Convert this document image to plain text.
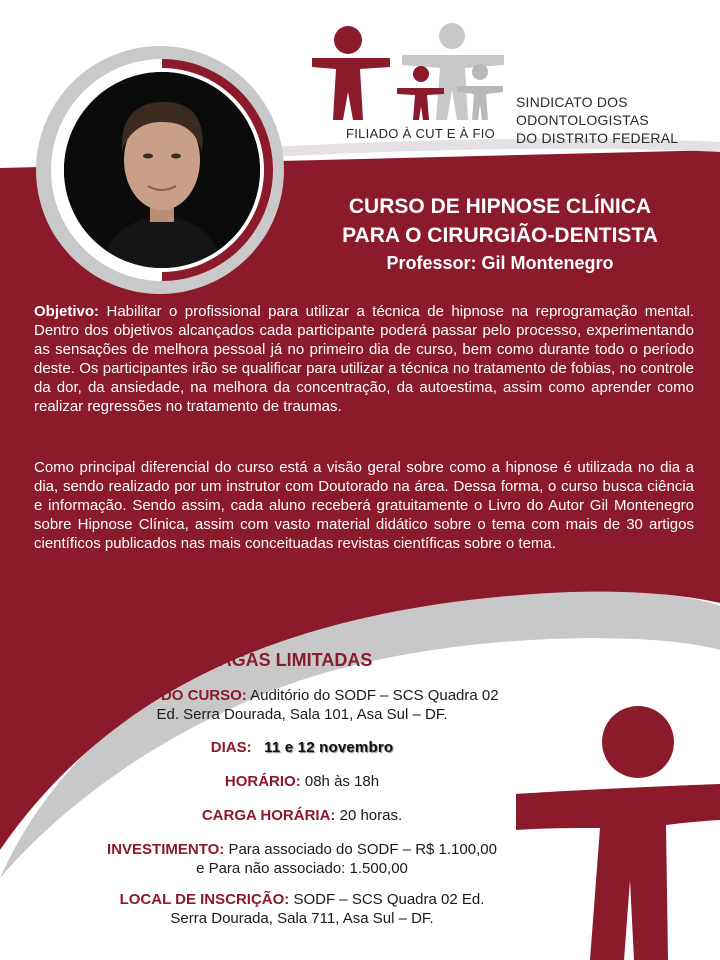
FILIADO À CUT E À FIO
SINDICATO DOS
ODONTOLOGISTAS
DO DISTRITO FEDERAL
CURSO DE HIPNOSE CLÍNICA
PARA O CIRURGIÃO-DENTISTA
Professor: Gil Montenegro

Objetivo: Habilitar o profissional para utilizar a técnica de hipnose na reprogramação mental. Dentro dos objetivos alcançados cada participante poderá passar pelo processo, experimentando as sensações de melhora pessoal já no primeiro dia de curso, bem como durante todo o período deste. Os participantes irão se qualificar para utilizar a técnica no tratamento de fobias, no controle da dor, da ansiedade, na melhora da concentração, da autoestima, assim como aprender como realizar regressões no tratamento de traumas.

Como principal diferencial do curso está a visão geral sobre como a hipnose é utilizada no dia a dia, sendo realizado por um instrutor com Doutorado na área. Dessa forma, o curso busca ciência e informação. Sendo assim, cada aluno receberá gratuitamente o Livro do Autor Gil Montenegro sobre Hipnose Clínica, assim com vasto material didático sobre o tema com mais de 30 artigos científicos publicados nas mais conceituadas revistas científicas sobre o tema.

VAGAS LIMITADAS

LOCAL DO CURSO: Auditório do SODF – SCS Quadra 02
Ed. Serra Dourada, Sala 101, Asa Sul – DF.

DIAS: 11 e 12 novembro

HORÁRIO: 08h às 18h

CARGA HORÁRIA: 20 horas.

INVESTIMENTO: Para associado do SODF – R$ 1.100,00
e Para não associado: 1.500,00

LOCAL DE INSCRIÇÃO: SODF – SCS Quadra 02 Ed.
Serra Dourada, Sala 711, Asa Sul – DF.
